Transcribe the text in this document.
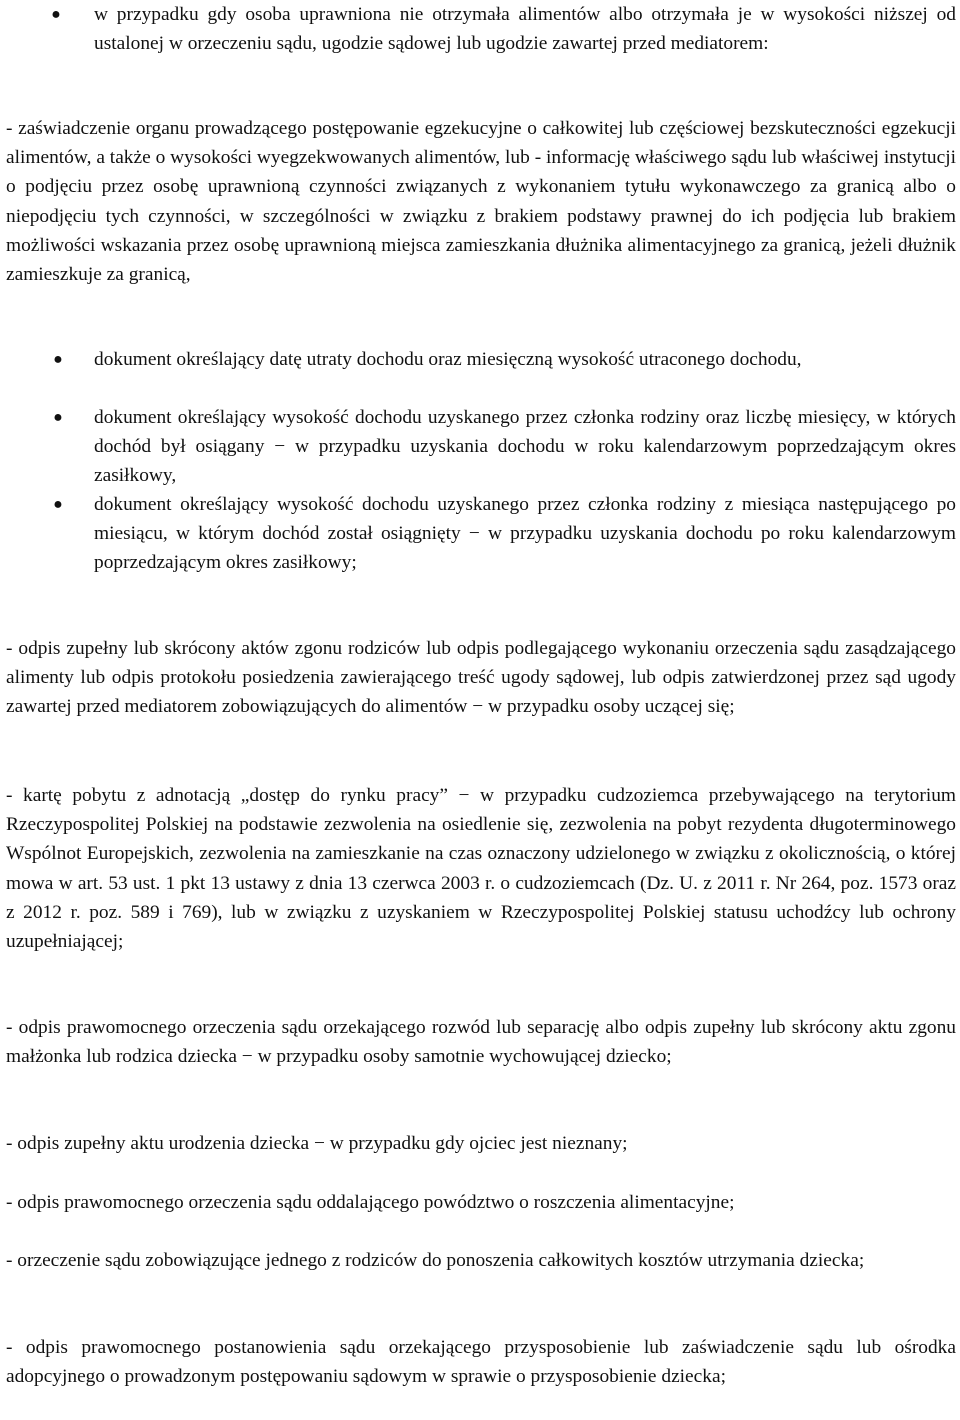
● w przypadku gdy osoba uprawniona nie otrzymała alimentów albo otrzymała je w wysokości niższej od ustalonej w orzeczeniu sądu, ugodzie sądowej lub ugodzie zawartej przed mediatorem:

- zaświadczenie organu prowadzącego postępowanie egzekucyjne o całkowitej lub częściowej bezskuteczności egzekucji alimentów, a także o wysokości wyegzekwowanych alimentów, lub - informację właściwego sądu lub właściwej instytucji o podjęciu przez osobę uprawnioną czynności związanych z wykonaniem tytułu wykonawczego za granicą albo o niepodjęciu tych czynności, w szczególności w związku z brakiem podstawy prawnej do ich podjęcia lub brakiem możliwości wskazania przez osobę uprawnioną miejsca zamieszkania dłużnika alimentacyjnego za granicą, jeżeli dłużnik zamieszkuje za granicą,

● dokument określający datę utraty dochodu oraz miesięczną wysokość utraconego dochodu,

● dokument określający wysokość dochodu uzyskanego przez członka rodziny oraz liczbę miesięcy, w których dochód był osiągany − w przypadku uzyskania dochodu w roku kalendarzowym poprzedzającym okres zasiłkowy,

● dokument określający wysokość dochodu uzyskanego przez członka rodziny z miesiąca następującego po miesiącu, w którym dochód został osiągnięty − w przypadku uzyskania dochodu po roku kalendarzowym poprzedzającym okres zasiłkowy;

- odpis zupełny lub skrócony aktów zgonu rodziców lub odpis podlegającego wykonaniu orzeczenia sądu zasądzającego alimenty lub odpis protokołu posiedzenia zawierającego treść ugody sądowej, lub odpis zatwierdzonej przez sąd ugody zawartej przed mediatorem zobowiązujących do alimentów − w przypadku osoby uczącej się;

- kartę pobytu z adnotacją „dostęp do rynku pracy” − w przypadku cudzoziemca przebywającego na terytorium Rzeczypospolitej Polskiej na podstawie zezwolenia na osiedlenie się, zezwolenia na pobyt rezydenta długoterminowego Wspólnot Europejskich, zezwolenia na zamieszkanie na czas oznaczony udzielonego w związku z okolicznością, o której mowa w art. 53 ust. 1 pkt 13 ustawy z dnia 13 czerwca 2003 r. o cudzoziemcach (Dz. U. z 2011 r. Nr 264, poz. 1573 oraz z 2012 r. poz. 589 i 769), lub w związku z uzyskaniem w Rzeczypospolitej Polskiej statusu uchodźcy lub ochrony uzupełniającej;

- odpis prawomocnego orzeczenia sądu orzekającego rozwód lub separację albo odpis zupełny lub skrócony aktu zgonu małżonka lub rodzica dziecka − w przypadku osoby samotnie wychowującej dziecko;

- odpis zupełny aktu urodzenia dziecka − w przypadku gdy ojciec jest nieznany;

- odpis prawomocnego orzeczenia sądu oddalającego powództwo o roszczenia alimentacyjne;

- orzeczenie sądu zobowiązujące jednego z rodziców do ponoszenia całkowitych kosztów utrzymania dziecka;

- odpis prawomocnego postanowienia sądu orzekającego przysposobienie lub zaświadczenie sądu lub ośrodka adopcyjnego o prowadzonym postępowaniu sądowym w sprawie o przysposobienie dziecka;
